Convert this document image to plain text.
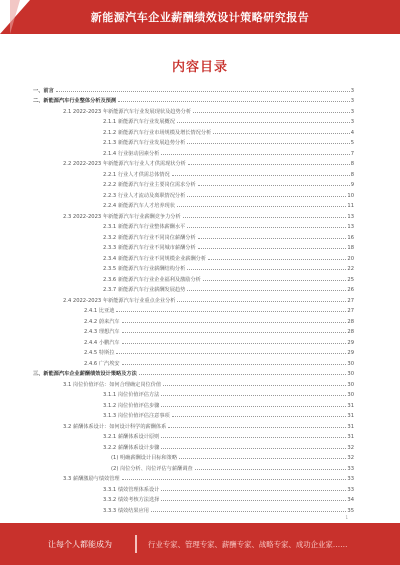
新能源汽车企业薪酬绩效设计策略研究报告
内容目录
一、前言	3
二、新能源汽车行业整体分析及预测	3
2.1 2022-2023 年新能源汽车行业发展现状及趋势分析	3
2.1.1 新能源汽车行业发展概况	3
2.1.2 新能源汽车行业市场规模及增长情况分析	4
2.1.3 新能源汽车行业发展趋势分析	5
2.1.4 行业驱动因素分析	7
2.2 2022-2023 年新能源汽车行业人才供需现状分析	8
2.2.1 行业人才供需总体情况	8
2.2.2 新能源汽车行业主要岗位需求分析	9
2.2.3 行业人才流动及离职情况分析	10
2.2.4 新能源汽车人才培养现状	11
2.3 2022-2023 年新能源汽车行业薪酬竞争力分析	13
2.3.1 新能源汽车行业整体薪酬水平	13
2.3.2 新能源汽车行业不同岗位薪酬分析	16
2.3.3 新能源汽车行业不同城市薪酬分析	18
2.3.4 新能源汽车行业不同规模企业薪酬分析	20
2.3.5 新能源汽车行业薪酬结构分析	22
2.3.6 新能源汽车行业企业福利及激励分析	25
2.3.7 新能源汽车行业薪酬发展趋势	26
2.4 2022-2023 年新能源汽车行业重点企业分析	27
2.4.1 比亚迪	27
2.4.2 蔚来汽车	28
2.4.3 理想汽车	28
2.4.4 小鹏汽车	29
2.4.5 特斯拉	29
2.4.6 广汽埃安	30
三、新能源汽车企业薪酬绩效设计策略及方法	30
3.1 岗位价值评估：如何合理确定岗位价值	30
3.1.1 岗位价值评估方法	30
3.1.2 岗位价值评估步骤	31
3.1.3 岗位价值评估注意事项	31
3.2 薪酬体系设计：如何设计科学的薪酬体系	31
3.2.1 薪酬体系设计原则	31
3.2.2 薪酬体系设计步骤	32
(1) 明确薪酬设计目标和策略	32
(2) 岗位分析、岗位评估与薪酬调查	33
3.3 薪酬激励与绩效管理	33
3.3.1 绩效管理体系设计	33
3.3.2 绩效考核方法选择	34
3.3.3 绩效结果应用	35
1
让每个人都能成为	行业专家、管理专家、薪酬专家、战略专家、成功企业家……
